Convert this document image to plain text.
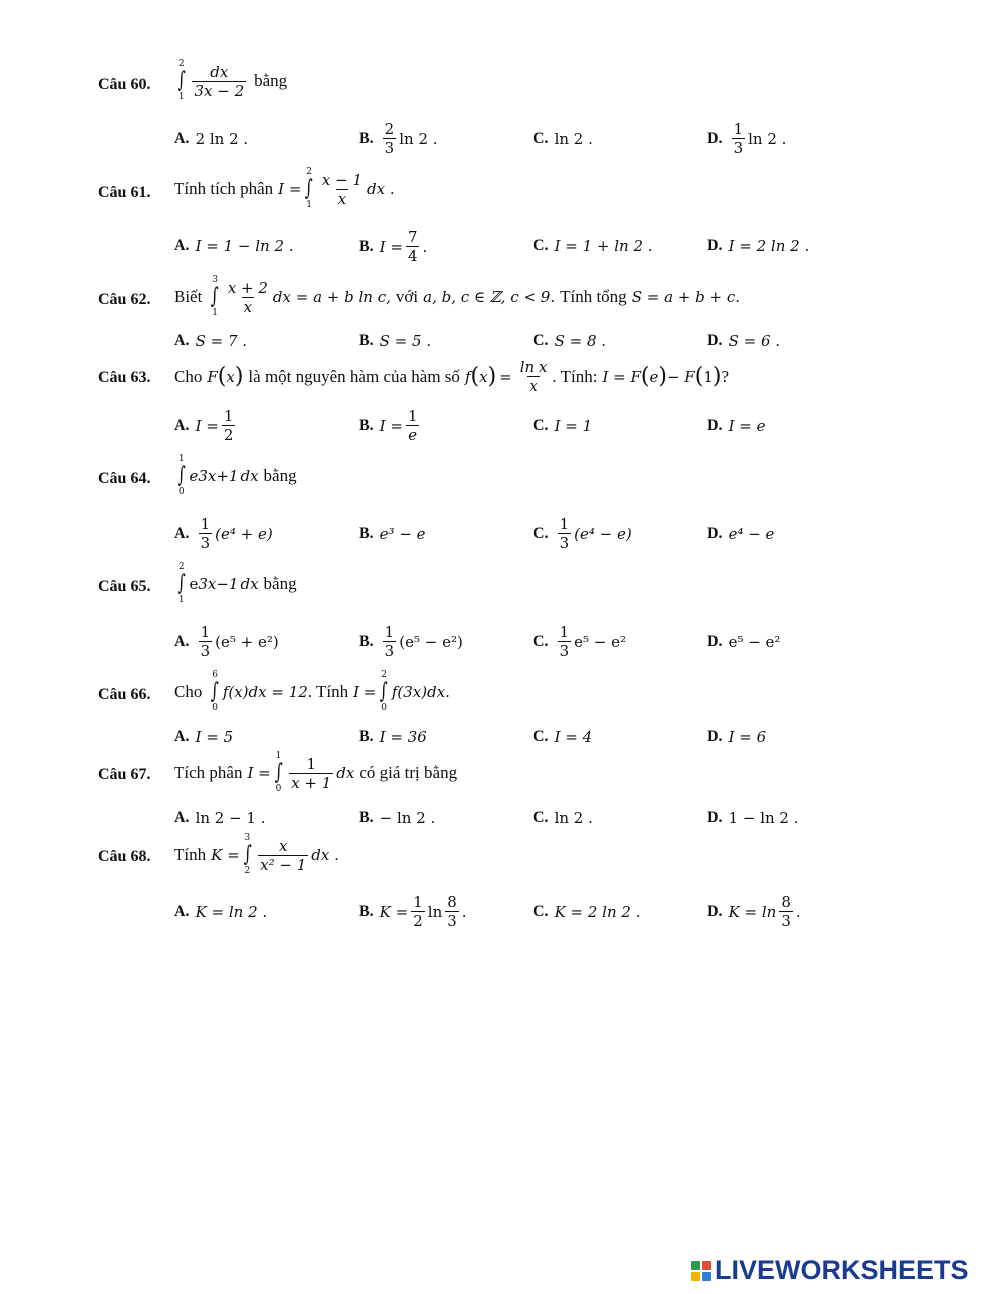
Câu 60.
2
∫
$1 \frac{dx}{3x - 2}$ bằng
A. 2 ln 2 .	B. $\frac{2}{3}$ ln 2 .	C. ln 2 .	D. $\frac{1}{3}$ ln 2 .
Câu 61. Tính tích phân I =
2
∫
$1 \frac{x - 1}{x}$ dx .
A. I = 1 − ln 2 .	B. $I = \frac{7}{4}$ .	C. I = 1 + ln 2 .	D. I = 2 ln 2 .
Câu 62. Biết
3
∫
$1 \frac{x + 2}{x}$ dx = a + b ln c, với a, b, c ∈ ℤ, c < 9. Tính tổng S = a + b + c.
A. S = 7 .	B. S = 5 .	C. S = 8 .	D. S = 6 .
Câu 63. Cho F ( x ) là một nguyên hàm của hàm số f ( x ) = $\frac{\text{ln x}}{x}$ . Tính: I = F ( e ) − F ( 1 ) ?
A. $I = \frac{1}{2}$	B. $I = \frac{1}{e}$	C. I = 1	D. I = e
Câu 64.
1
∫
0
e 3x+1 dx bằng
A. $\frac{1}{3} (e^4 + e)$	B. e³ − e	C. $\frac{1}{3} (e^4 - e)$	D. e⁴ − e
Câu 65.
2
∫
1
e 3x−1 dx bằng
A. $\frac{1}{3} (e^5 + e^2)$	B. $\frac{1}{3} (e^5 - e^2)$	C. $\frac{1}{3} e^5 - e^2$	D. e⁵ − e²
Câu 66. Cho
6
∫
0
f(x)dx = 12 . Tính I =
2
∫
0
f(3x)dx.
A. I = 5	B. I = 36	C. I = 4	D. I = 6
Câu 67. Tích phân I =
1
∫
$0 \frac{1}{x + 1}$ dx có giá trị bằng
A. ln 2 − 1 .	B. − ln 2 .	C. ln 2 .	D. 1 − ln 2 .
Câu 68. Tính K =
3
∫
$2 \frac{x}{\text{x² − 1}}$ dx .
A. K = ln 2 .	B. $K = \frac{1}{2}$ $\ln \frac{8}{3}$ .	C. K = 2 ln 2 .	D. $K = \ln \frac{8}{3}$ .
LIVEWORKSHEETS
